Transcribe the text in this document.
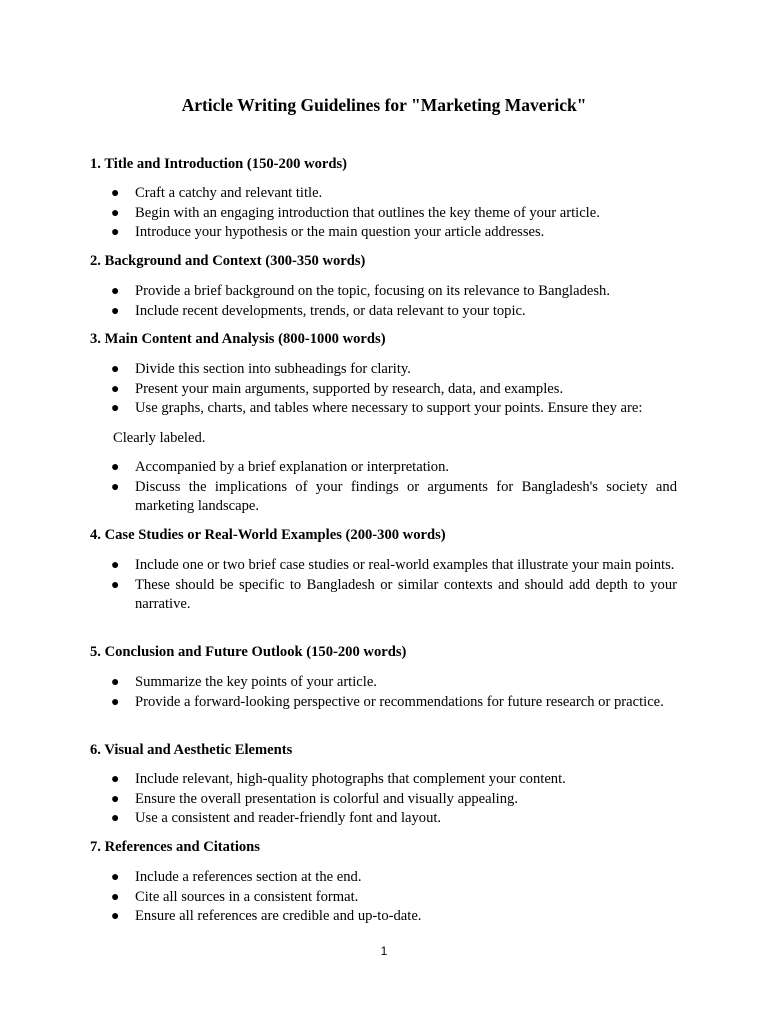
Article Writing Guidelines for "Marketing Maverick"
1. Title and Introduction (150-200 words)
● Craft a catchy and relevant title.
● Begin with an engaging introduction that outlines the key theme of your article.
● Introduce your hypothesis or the main question your article addresses.
2. Background and Context (300-350 words)
● Provide a brief background on the topic, focusing on its relevance to Bangladesh.
● Include recent developments, trends, or data relevant to your topic.
3. Main Content and Analysis (800-1000 words)
● Divide this section into subheadings for clarity.
● Present your main arguments, supported by research, data, and examples.
● Use graphs, charts, and tables where necessary to support your points. Ensure they are:

Clearly labeled.

● Accompanied by a brief explanation or interpretation.
● Discuss the implications of your findings or arguments for Bangladesh's society and marketing landscape.
4. Case Studies or Real-World Examples (200-300 words)
● Include one or two brief case studies or real-world examples that illustrate your main points.
● These should be specific to Bangladesh or similar contexts and should add depth to your narrative.
5. Conclusion and Future Outlook (150-200 words)
● Summarize the key points of your article.
● Provide a forward-looking perspective or recommendations for future research or practice.
6. Visual and Aesthetic Elements
● Include relevant, high-quality photographs that complement your content.
● Ensure the overall presentation is colorful and visually appealing.
● Use a consistent and reader-friendly font and layout.
7. References and Citations
● Include a references section at the end.
● Cite all sources in a consistent format.
● Ensure all references are credible and up-to-date.
1
